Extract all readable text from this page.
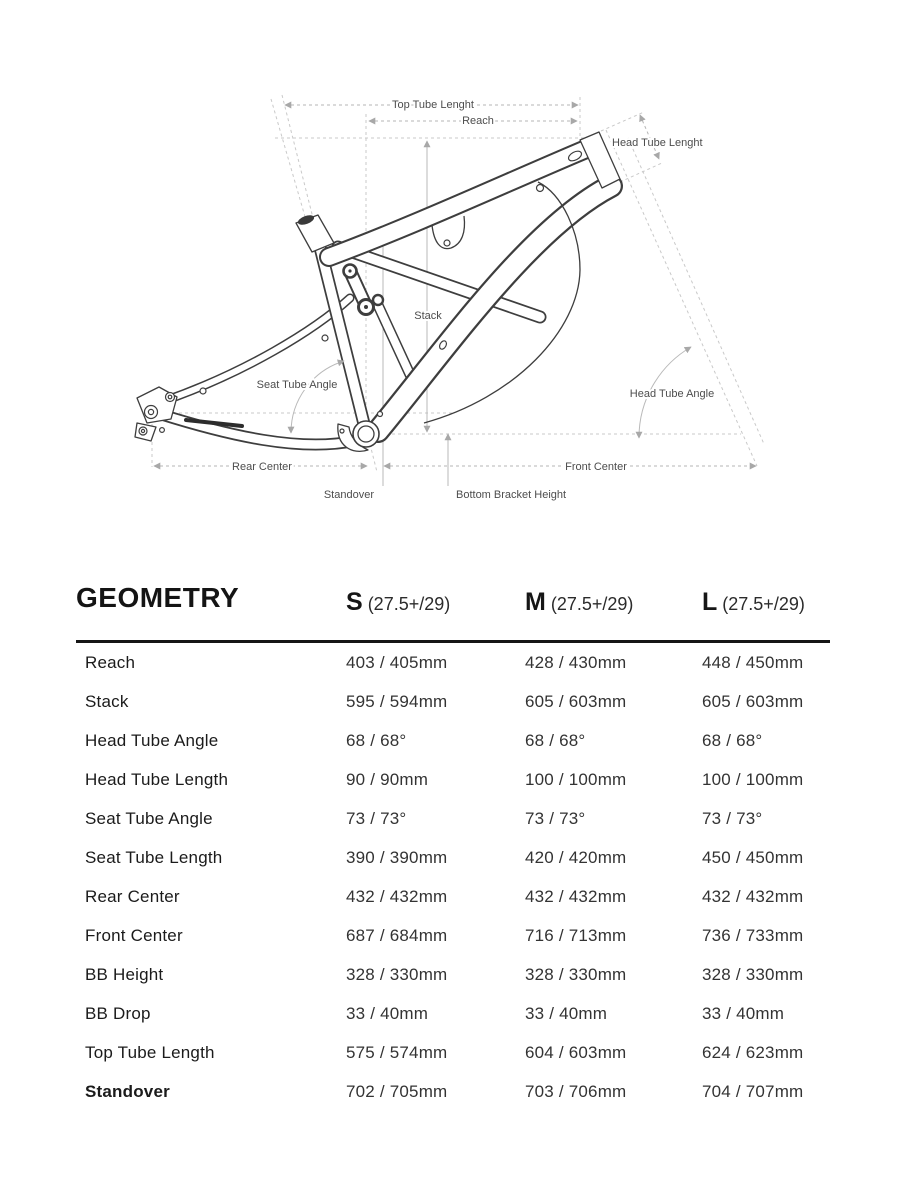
Top Tube Lenght
Reach
Head Tube Lenght
Stack
Seat Tube Angle
Head Tube Angle
Rear Center	Front Center
Standover	Bottom Bracket Height
GEOMETRY	S (27.5+/29)	M (27.5+/29)	L (27.5+/29)
Reach	403 / 405mm	428 / 430mm	448 / 450mm
Stack	595 / 594mm	605 / 603mm	605 / 603mm
Head Tube Angle	68 / 68°	68 / 68°	68 / 68°
Head Tube Length	90 / 90mm	100 / 100mm	100 / 100mm
Seat Tube Angle	73 / 73°	73 / 73°	73 / 73°
Seat Tube Length	390 / 390mm	420 / 420mm	450 / 450mm
Rear Center	432 / 432mm	432 / 432mm	432 / 432mm
Front Center	687 / 684mm	716 / 713mm	736 / 733mm
BB Height	328 / 330mm	328 / 330mm	328 / 330mm
BB Drop	33 / 40mm	33 / 40mm	33 / 40mm
Top Tube Length	575 / 574mm	604 / 603mm	624 / 623mm
Standover	702 / 705mm	703 / 706mm	704 / 707mm
